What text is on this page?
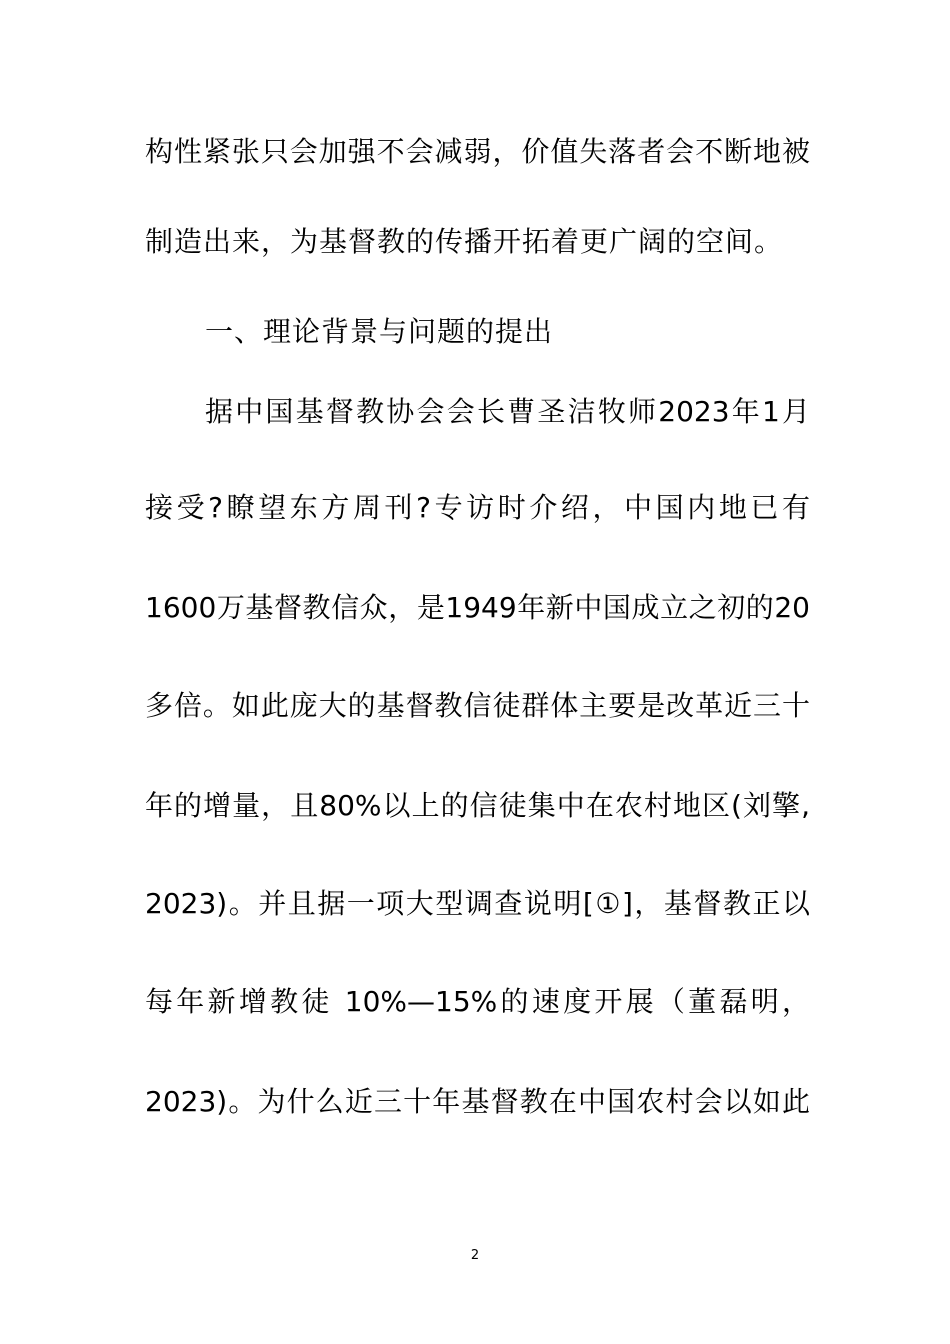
构性紧张只会加强不会减弱，价值失落者会不断地被
制造出来，为基督教的传播开拓着更广阔的空间。
一、理论背景与问题的提出
据中国基督教协会会长曹圣洁牧师2023年1月
接受?瞭望东方周刊?专访时介绍，中国内地已有
1600万基督教信众，是1949年新中国成立之初的20
多倍。如此庞大的基督教信徒群体主要是改革近三十
年的增量，且80%以上的信徒集中在农村地区(刘擎,
2023)。并且据一项大型调查说明[①]，基督教正以
每年新增教徒 10%—15%的速度开展（董磊明，
2023)。为什么近三十年基督教在中国农村会以如此
2
